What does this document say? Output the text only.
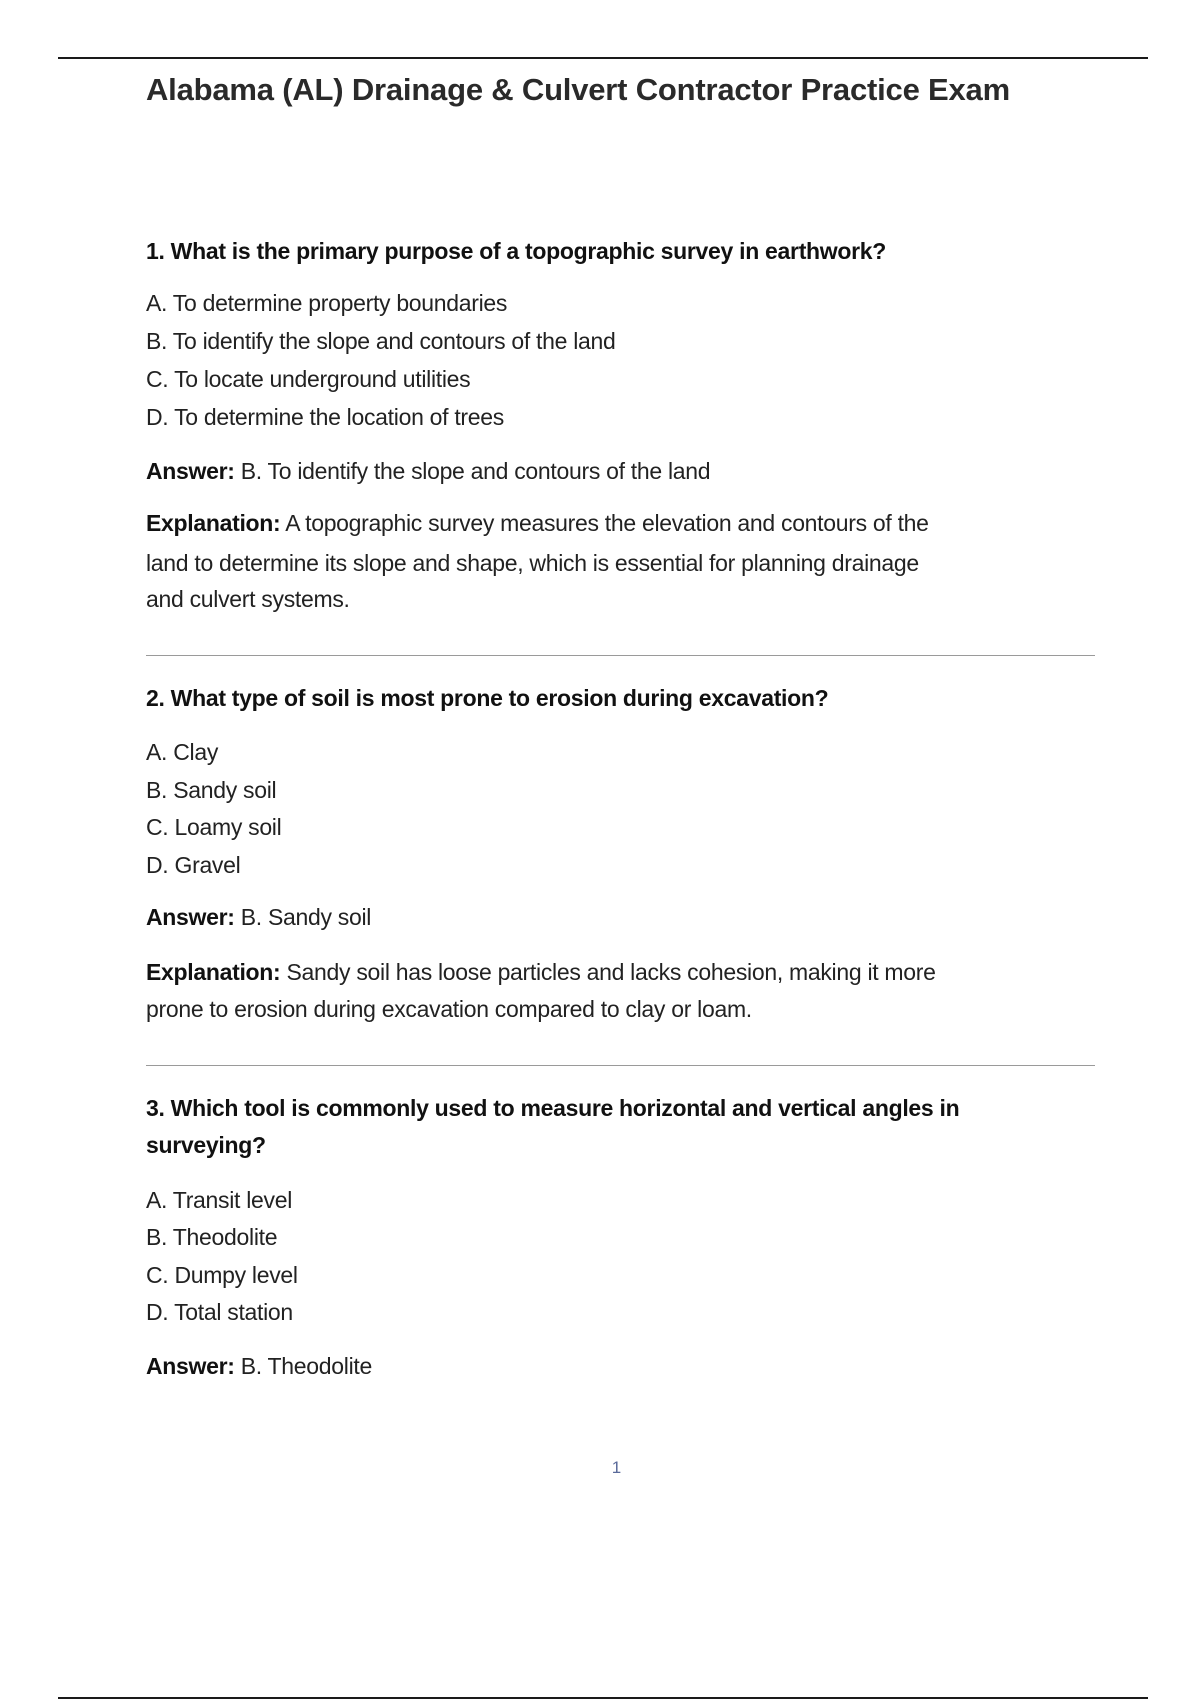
Alabama (AL) Drainage & Culvert Contractor Practice Exam
1. What is the primary purpose of a topographic survey in earthwork?
A. To determine property boundaries
B. To identify the slope and contours of the land
C. To locate underground utilities
D. To determine the location of trees
Answer: B. To identify the slope and contours of the land
Explanation: A topographic survey measures the elevation and contours of the
land to determine its slope and shape, which is essential for planning drainage
and culvert systems.
2. What type of soil is most prone to erosion during excavation?
A. Clay
B. Sandy soil
C. Loamy soil
D. Gravel
Answer: B. Sandy soil
Explanation: Sandy soil has loose particles and lacks cohesion, making it more
prone to erosion during excavation compared to clay or loam.
3. Which tool is commonly used to measure horizontal and vertical angles in
surveying?
A. Transit level
B. Theodolite
C. Dumpy level
D. Total station
Answer: B. Theodolite
1
